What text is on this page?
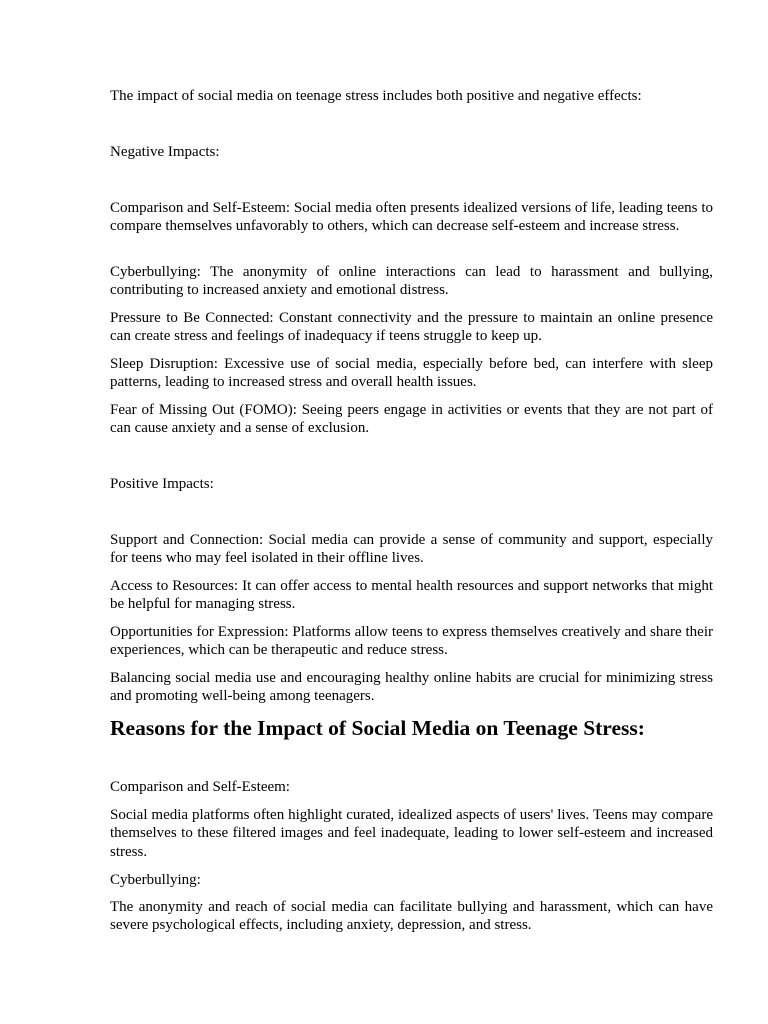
The impact of social media on teenage stress includes both positive and negative effects:

Negative Impacts:

Comparison and Self-Esteem: Social media often presents idealized versions of life, leading teens to compare themselves unfavorably to others, which can decrease self-esteem and increase stress.

Cyberbullying: The anonymity of online interactions can lead to harassment and bullying, contributing to increased anxiety and emotional distress.

Pressure to Be Connected: Constant connectivity and the pressure to maintain an online presence can create stress and feelings of inadequacy if teens struggle to keep up.

Sleep Disruption: Excessive use of social media, especially before bed, can interfere with sleep patterns, leading to increased stress and overall health issues.

Fear of Missing Out (FOMO): Seeing peers engage in activities or events that they are not part of can cause anxiety and a sense of exclusion.

Positive Impacts:

Support and Connection: Social media can provide a sense of community and support, especially for teens who may feel isolated in their offline lives.

Access to Resources: It can offer access to mental health resources and support networks that might be helpful for managing stress.

Opportunities for Expression: Platforms allow teens to express themselves creatively and share their experiences, which can be therapeutic and reduce stress.

Balancing social media use and encouraging healthy online habits are crucial for minimizing stress and promoting well-being among teenagers.

Reasons for the Impact of Social Media on Teenage Stress:

Comparison and Self-Esteem:

Social media platforms often highlight curated, idealized aspects of users' lives. Teens may compare themselves to these filtered images and feel inadequate, leading to lower self-esteem and increased stress.

Cyberbullying:

The anonymity and reach of social media can facilitate bullying and harassment, which can have severe psychological effects, including anxiety, depression, and stress.
